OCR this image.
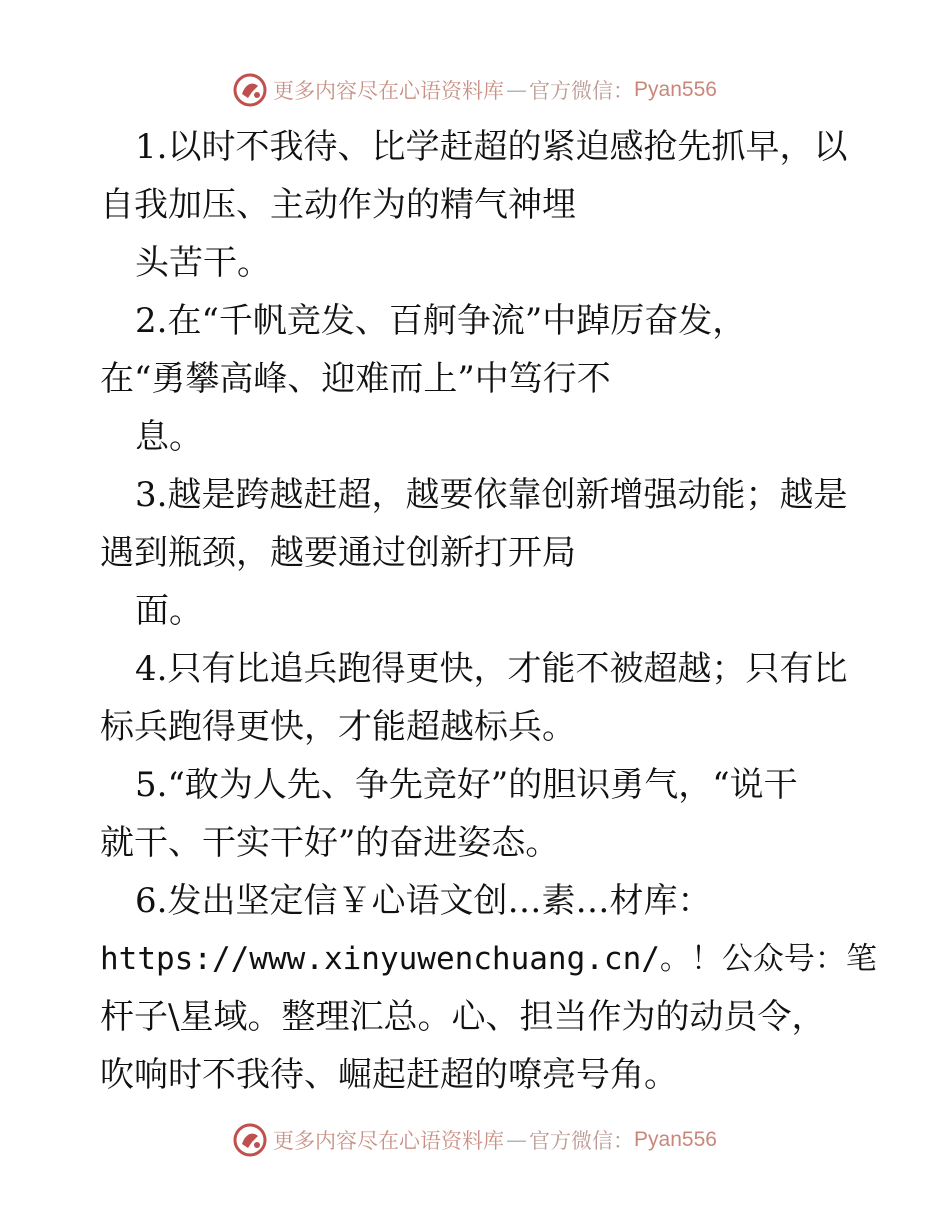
更多内容尽在心语资料库 — 官方微信： Pyan556
1.以时不我待、比学赶超的紧迫感抢先抓早，以
自我加压、主动作为的精气神埋
头苦干。
2.在“千帆竞发、百舸争流”中踔厉奋发，
在“勇攀高峰、迎难而上”中笃行不
息。
3.越是跨越赶超，越要依靠创新增强动能；越是
遇到瓶颈，越要通过创新打开局
面。
4.只有比追兵跑得更快，才能不被超越；只有比
标兵跑得更快，才能超越标兵。
5.“敢为人先、争先竞好”的胆识勇气，“说干
就干、干实干好”的奋进姿态。
6.发出坚定信￥心语文创…素…材库：
https://www.xinyuwenchuang.cn/。！公众号：笔
杆子\星域。整理汇总。心、担当作为的动员令，
吹响时不我待、崛起赶超的嘹亮号角。
更多内容尽在心语资料库 — 官方微信： Pyan556
